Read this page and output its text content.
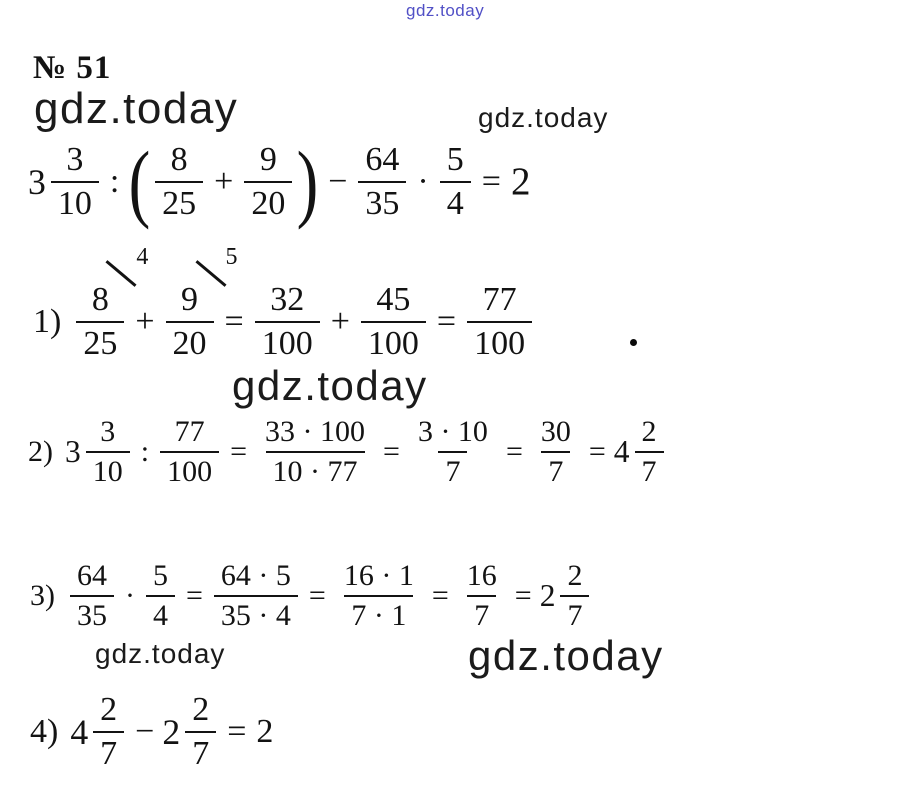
gdz.today
gdz.today	gdz.today
gdz.today
gdz.today	gdz.today
№ 51
$3 \frac{3}{10}$ : ( $\frac{8}{25} + \frac{9}{20}$ ) − $\frac{64}{35} \cdot \frac{5}{4} = 2$
1)
8
25
4
+
9
20
5
= $\frac{32}{100} + \frac{45}{100} = \frac{77}{100}$
2) $3 \frac{3}{10}$ : $\frac{77}{100} = \frac{33 \cdot 100}{10 \cdot 77} = \frac{3 \cdot 10}{7} = \frac{30}{7} = 4 \frac{2}{7}$
$3) \frac{64}{35} \cdot \frac{5}{4} = \frac{64 \cdot 5}{35 \cdot 4} = \frac{16 \cdot 1}{7 \cdot 1} = \frac{16}{7} = 2 \frac{2}{7}$
4) $4 \frac{2}{7} - 2 \frac{2}{7} = 2$
